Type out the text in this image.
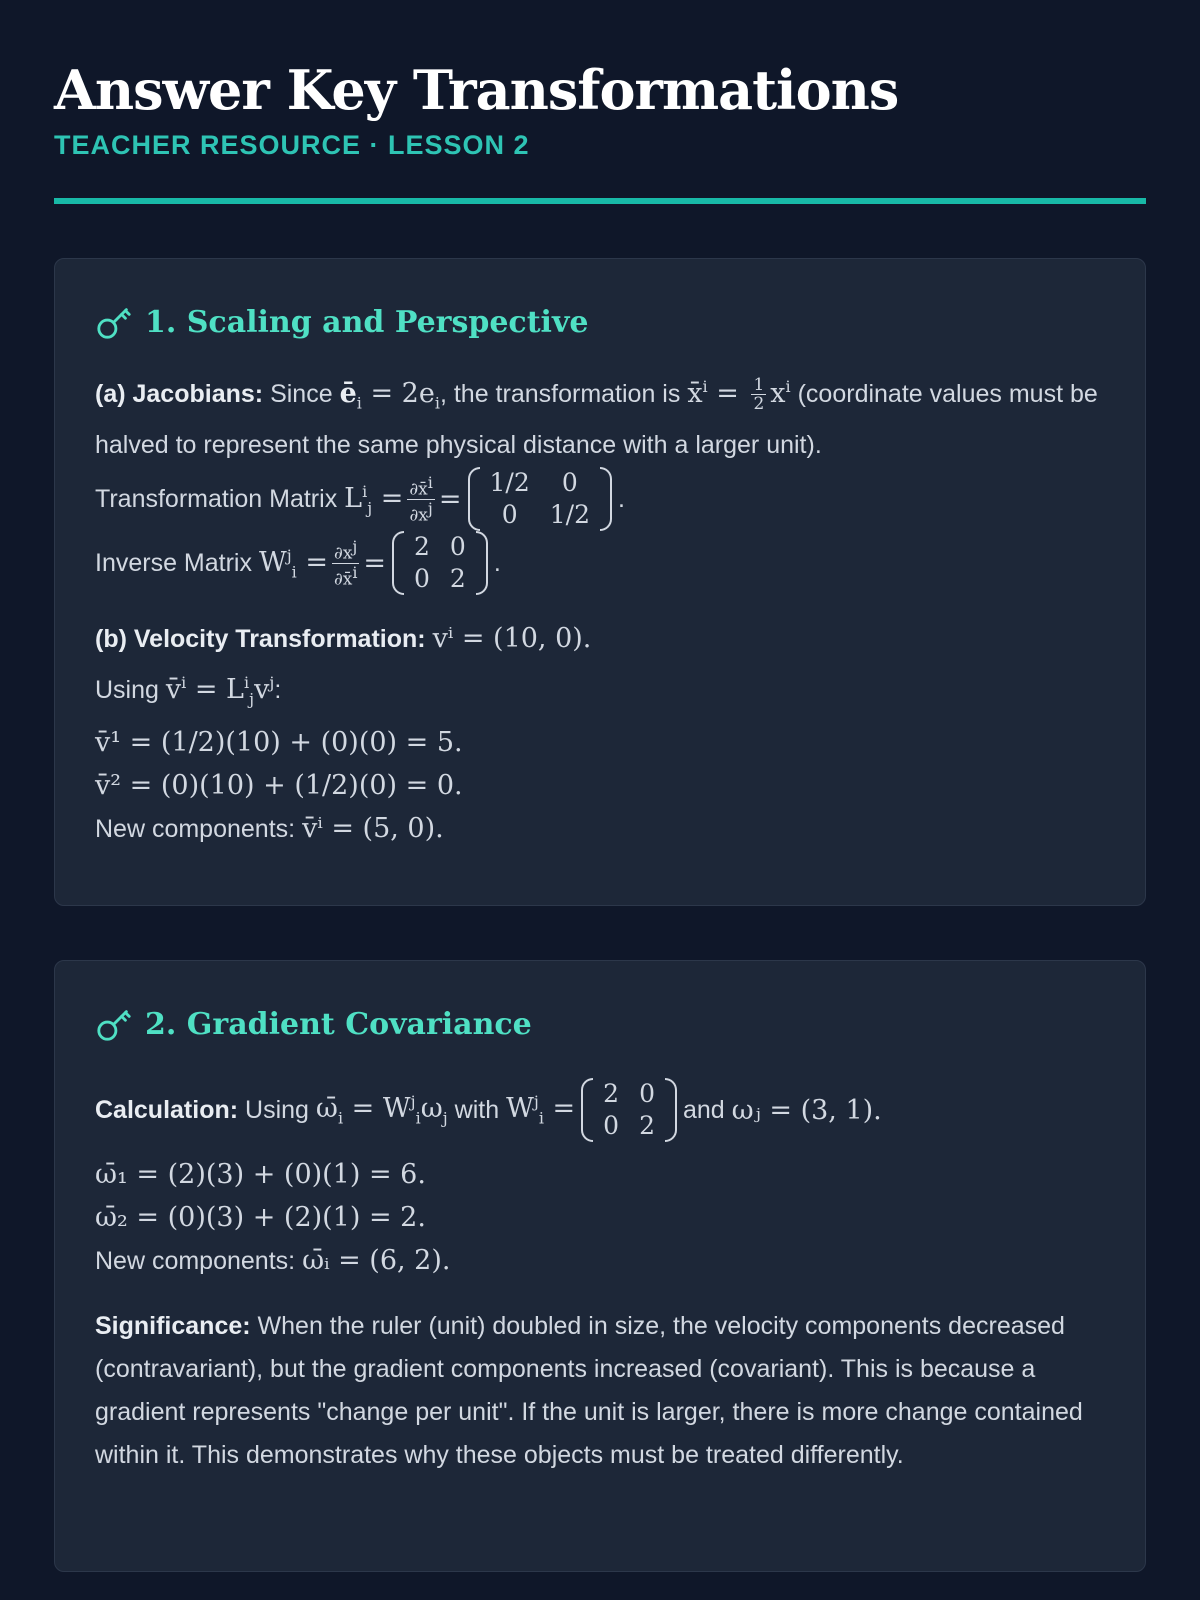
Answer Key Transformations
TEACHER RESOURCE · LESSON 2
1. Scaling and Perspective
(a) Jacobians: Since $ē_i = 2e_i$, the transformation is x̄$^i$ = $\frac{1}{2} x^i$ (coordinate values must be halved to represent the same physical distance with a larger unit).
Transformation Matrix
$L^i_j = \frac{\partial x̄^i}{\partial x^j}$ =
1/2	0
0	1/2
.
Inverse Matrix
$W^j_i = \frac{\partial x^j}{\partial x̄^i}$ =
2	0
0	2
.
(b) Velocity Transformation: vⁱ = (10, 0).
Using v̄$^i$ = $L^i_jv^j$:
v̄¹ = (1/2)(10) + (0)(0) = 5.
v̄² = (0)(10) + (1/2)(0) = 0.
New components: v̄ⁱ = (5, 0).
2. Gradient Covariance
Calculation:
Using
$\omegā_i = W^j_i\omega_j$
with
$W^j_i = 2$	0
0	2
and
ωⱼ = (3, 1).
ω̄₁ = (2)(3) + (0)(1) = 6.
ω̄₂ = (0)(3) + (2)(1) = 2.
New components: ω̄ᵢ = (6, 2).
Significance: When the ruler (unit) doubled in size, the velocity components decreased (contravariant), but the gradient components increased (covariant). This is because a gradient represents "change per unit". If the unit is larger, there is more change contained within it. This demonstrates why these objects must be treated differently.
